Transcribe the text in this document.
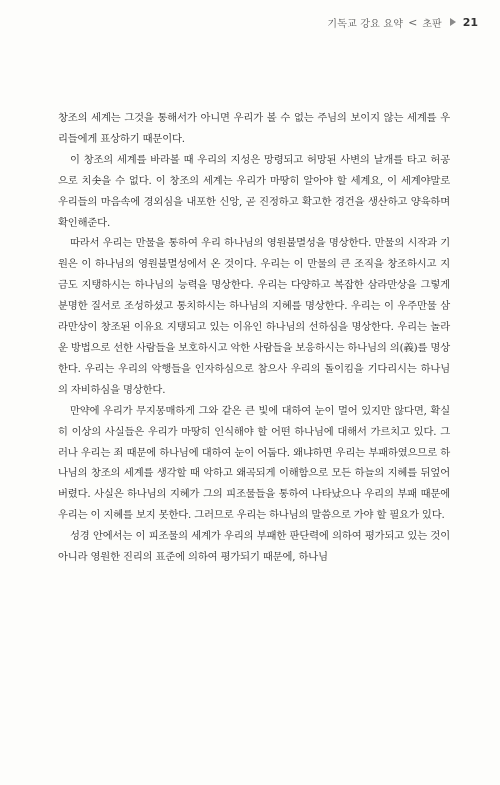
기독교 강요 요약 < 초판 21

창조의 세계는 그것을 통해서가 아니면 우리가 볼 수 없는 주님의 보이지 않는 세계를 우리들에게 표상하기 때문이다.

이 창조의 세계를 바라볼 때 우리의 지성은 망령되고 허망된 사변의 날개를 타고 허공으로 치솟을 수 없다. 이 창조의 세계는 우리가 마땅히 알아야 할 세계요, 이 세계야말로 우리들의 마음속에 경외심을 내포한 신앙, 곧 진정하고 확고한 경건을 생산하고 양육하며 확인해준다.

따라서 우리는 만물을 통하여 우리 하나님의 영원불멸성을 명상한다. 만물의 시작과 기원은 이 하나님의 영원불멸성에서 온 것이다. 우리는 이 만물의 큰 조직을 창조하시고 지금도 지탱하시는 하나님의 능력을 명상한다. 우리는 다양하고 복잡한 삼라만상을 그렇게 분명한 질서로 조성하셨고 통치하시는 하나님의 지혜를 명상한다. 우리는 이 우주만물 삼라만상이 창조된 이유요 지탱되고 있는 이유인 하나님의 선하심을 명상한다. 우리는 놀라운 방법으로 선한 사람들을 보호하시고 악한 사람들을 보응하시는 하나님의 의(義)를 명상한다. 우리는 우리의 악행들을 인자하심으로 참으사 우리의 돌이킴을 기다리시는 하나님의 자비하심을 명상한다.

만약에 우리가 무지몽매하게 그와 같은 큰 빛에 대하여 눈이 멀어 있지만 않다면, 확실히 이상의 사실들은 우리가 마땅히 인식해야 할 어떤 하나님에 대해서 가르치고 있다. 그러나 우리는 죄 때문에 하나님에 대하여 눈이 어둡다. 왜냐하면 우리는 부패하였으므로 하나님의 창조의 세계를 생각할 때 악하고 왜곡되게 이해함으로 모든 하늘의 지혜를 뒤엎어 버렸다. 사실은 하나님의 지혜가 그의 피조물들을 통하여 나타났으나 우리의 부패 때문에 우리는 이 지혜를 보지 못한다. 그러므로 우리는 하나님의 말씀으로 가야 할 필요가 있다.

성경 안에서는 이 피조물의 세계가 우리의 부패한 판단력에 의하여 평가되고 있는 것이 아니라 영원한 진리의 표준에 의하여 평가되기 때문에, 하나님
